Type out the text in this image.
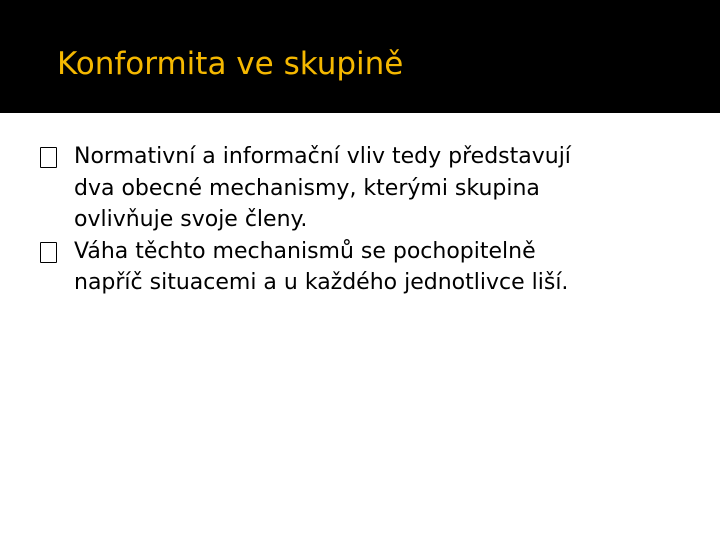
Konformita ve skupině
Normativní a informační vliv tedy představují
dva obecné mechanismy, kterými skupina
ovlivňuje svoje členy.
Váha těchto mechanismů se pochopitelně
napříč situacemi a u každého jednotlivce liší.
